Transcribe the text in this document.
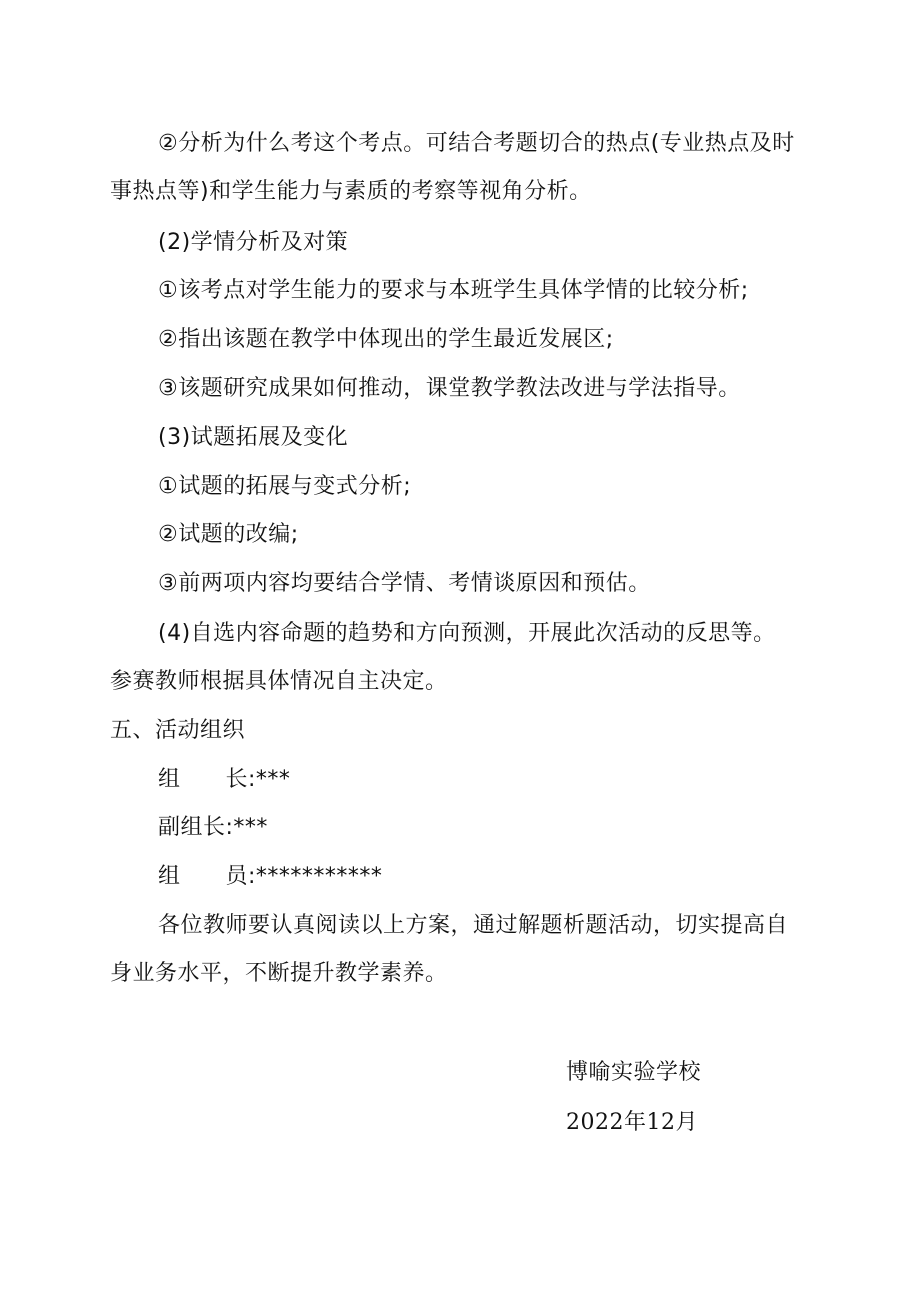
②分析为什么考这个考点。可结合考题切合的热点(专业热点及时
事热点等)和学生能力与素质的考察等视角分析。
(2)学情分析及对策
①该考点对学生能力的要求与本班学生具体学情的比较分析;
②指出该题在教学中体现出的学生最近发展区;
③该题研究成果如何推动，课堂教学教法改进与学法指导。
(3)试题拓展及变化
①试题的拓展与变式分析;
②试题的改编;
③前两项内容均要结合学情、考情谈原因和预估。
(4)自选内容命题的趋势和方向预测，开展此次活动的反思等。
参赛教师根据具体情况自主决定。
五、活动组织
组　　长:***
副组长:***
组　　员:***********
各位教师要认真阅读以上方案，通过解题析题活动，切实提高自
身业务水平，不断提升教学素养。
博喻实验学校
2022年12月
